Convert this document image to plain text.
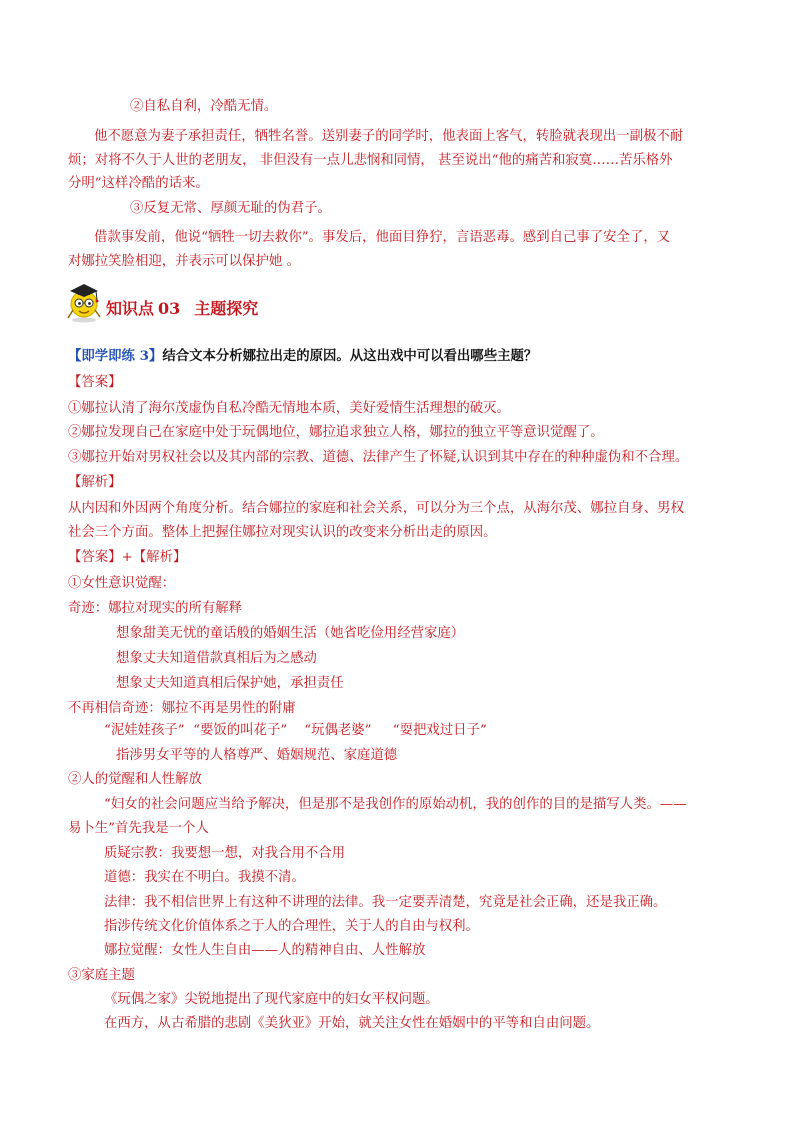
②自私自利，冷酷无情。
他不愿意为妻子承担责任，牺牲名誉。送别妻子的同学时，他表面上客气，转脸就表现出一副极不耐
烦；对将不久于人世的老朋友， 非但没有一点儿悲悯和同情， 甚至说出“他的痛苦和寂寞……苦乐格外
分明”这样冷酷的话来。
③反复无常、厚颜无耻的伪君子。
借款事发前，他说“牺牲一切去救你”。事发后，他面目狰狞，言语恶毒。感到自己事了安全了，又
对娜拉笑脸相迎，并表示可以保护她 。
知识点 03 主题探究
【即学即练 3】结合文本分析娜拉出走的原因。从这出戏中可以看出哪些主题？
【答案】
①娜拉认清了海尔茂虚伪自私冷酷无情地本质，美好爱情生活理想的破灭。
②娜拉发现自己在家庭中处于玩偶地位，娜拉追求独立人格，娜拉的独立平等意识觉醒了。
③娜拉开始对男权社会以及其内部的宗教、道德、法律产生了怀疑,认识到其中存在的种种虚伪和不合理。
【解析】
从内因和外因两个角度分析。结合娜拉的家庭和社会关系，可以分为三个点，从海尔茂、娜拉自身、男权
社会三个方面。整体上把握住娜拉对现实认识的改变来分析出走的原因。
【答案】+【解析】
①女性意识觉醒：
奇迹：娜拉对现实的所有解释
想象甜美无忧的童话般的婚姻生活（她省吃俭用经营家庭）
想象丈夫知道借款真相后为之感动
想象丈夫知道真相后保护她，承担责任
不再相信奇迹：娜拉不再是男性的附庸
“泥娃娃孩子”  “要饭的叫花子”    “玩偶老婆”     “耍把戏过日子”
指涉男女平等的人格尊严、婚姻规范、家庭道德
②人的觉醒和人性解放
“妇女的社会问题应当给予解决，但是那不是我创作的原始动机，我的创作的目的是描写人类。——
易卜生”首先我是一个人
质疑宗教：我要想一想，对我合用不合用
道德：我实在不明白。我摸不清。
法律：我不相信世界上有这种不讲理的法律。我一定要弄清楚，究竟是社会正确，还是我正确。
指涉传统文化价值体系之于人的合理性，关于人的自由与权利。
娜拉觉醒：女性人生自由——人的精神自由、人性解放
③家庭主题
《玩偶之家》尖锐地提出了现代家庭中的妇女平权问题。
在西方，从古希腊的悲剧《美狄亚》开始，就关注女性在婚姻中的平等和自由问题。
